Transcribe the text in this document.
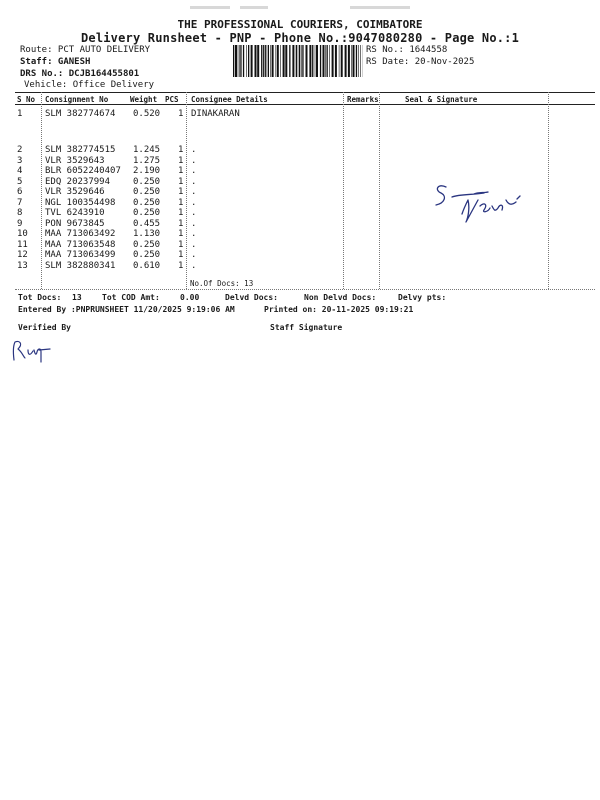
THE PROFESSIONAL COURIERS, COIMBATORE
Delivery Runsheet - PNP - Phone No.:9047080280 - Page No.:1
Route: PCT AUTO DELIVERY
Staff: GANESH
DRS No.: DCJB164455801
Vehicle: Office Delivery
RS No.: 1644558
RS Date: 20-Nov-2025
S No Consignment No	Weight PCS Consignee Details	Remarks	Seal & Signature
1	SLM 382774674 0.520 1 DINAKARAN
2	SLM 382774515 1.245 1 .
3	VLR 3529643	1.275 1 .
4	BLR 6052240407 2.190 1 .
5	EDQ 20237994	0.250 1 .
6	VLR 3529646	0.250 1 .
7	NGL 100354498 0.250 1 .
8	TVL 6243910	0.250 1 .
9	PON 9673845	0.455 1 .
10 MAA 713063492 1.130 1 .
11 MAA 713063548 0.250 1 .
12 MAA 713063499 0.250 1 .
13 SLM 382880341 0.610 1 .
No.Of Docs: 13
Tot Docs: 13	Tot COD Amt:	0.00	Delvd Docs:	Non Delvd Docs:	Delvy pts:
Entered By :PNPRUNSHEET 11/20/2025 9:19:06 AM	Printed on: 20-11-2025 09:19:21
Verified By	Staff Signature
